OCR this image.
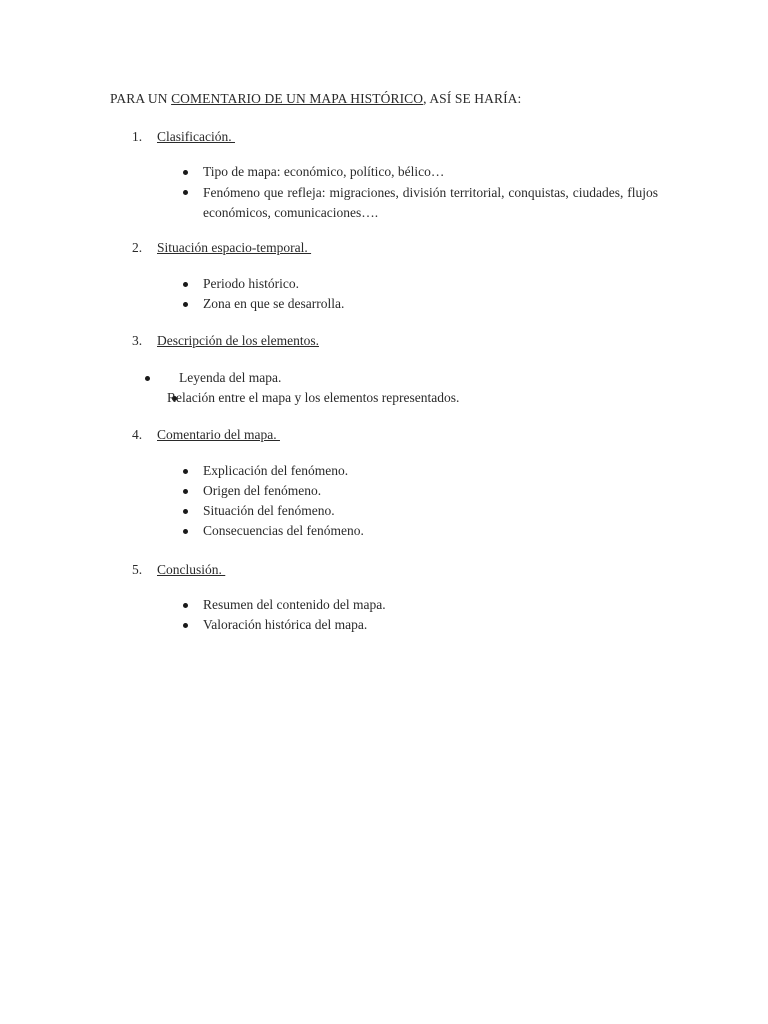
PARA UN COMENTARIO DE UN MAPA HISTÓRICO, ASÍ SE HARÍA:
1. Clasificación.
Tipo de mapa: económico, político, bélico…
Fenómeno que refleja: migraciones, división territorial, conquistas, ciudades, flujos económicos, comunicaciones….
2. Situación espacio-temporal.
Periodo histórico.
Zona en que se desarrolla.
3. Descripción de los elementos.
Leyenda del mapa.
Relación entre el mapa y los elementos representados.
4. Comentario del mapa.
Explicación del fenómeno.
Origen del fenómeno.
Situación del fenómeno.
Consecuencias del fenómeno.
5. Conclusión.
Resumen del contenido del mapa.
Valoración histórica del mapa.
